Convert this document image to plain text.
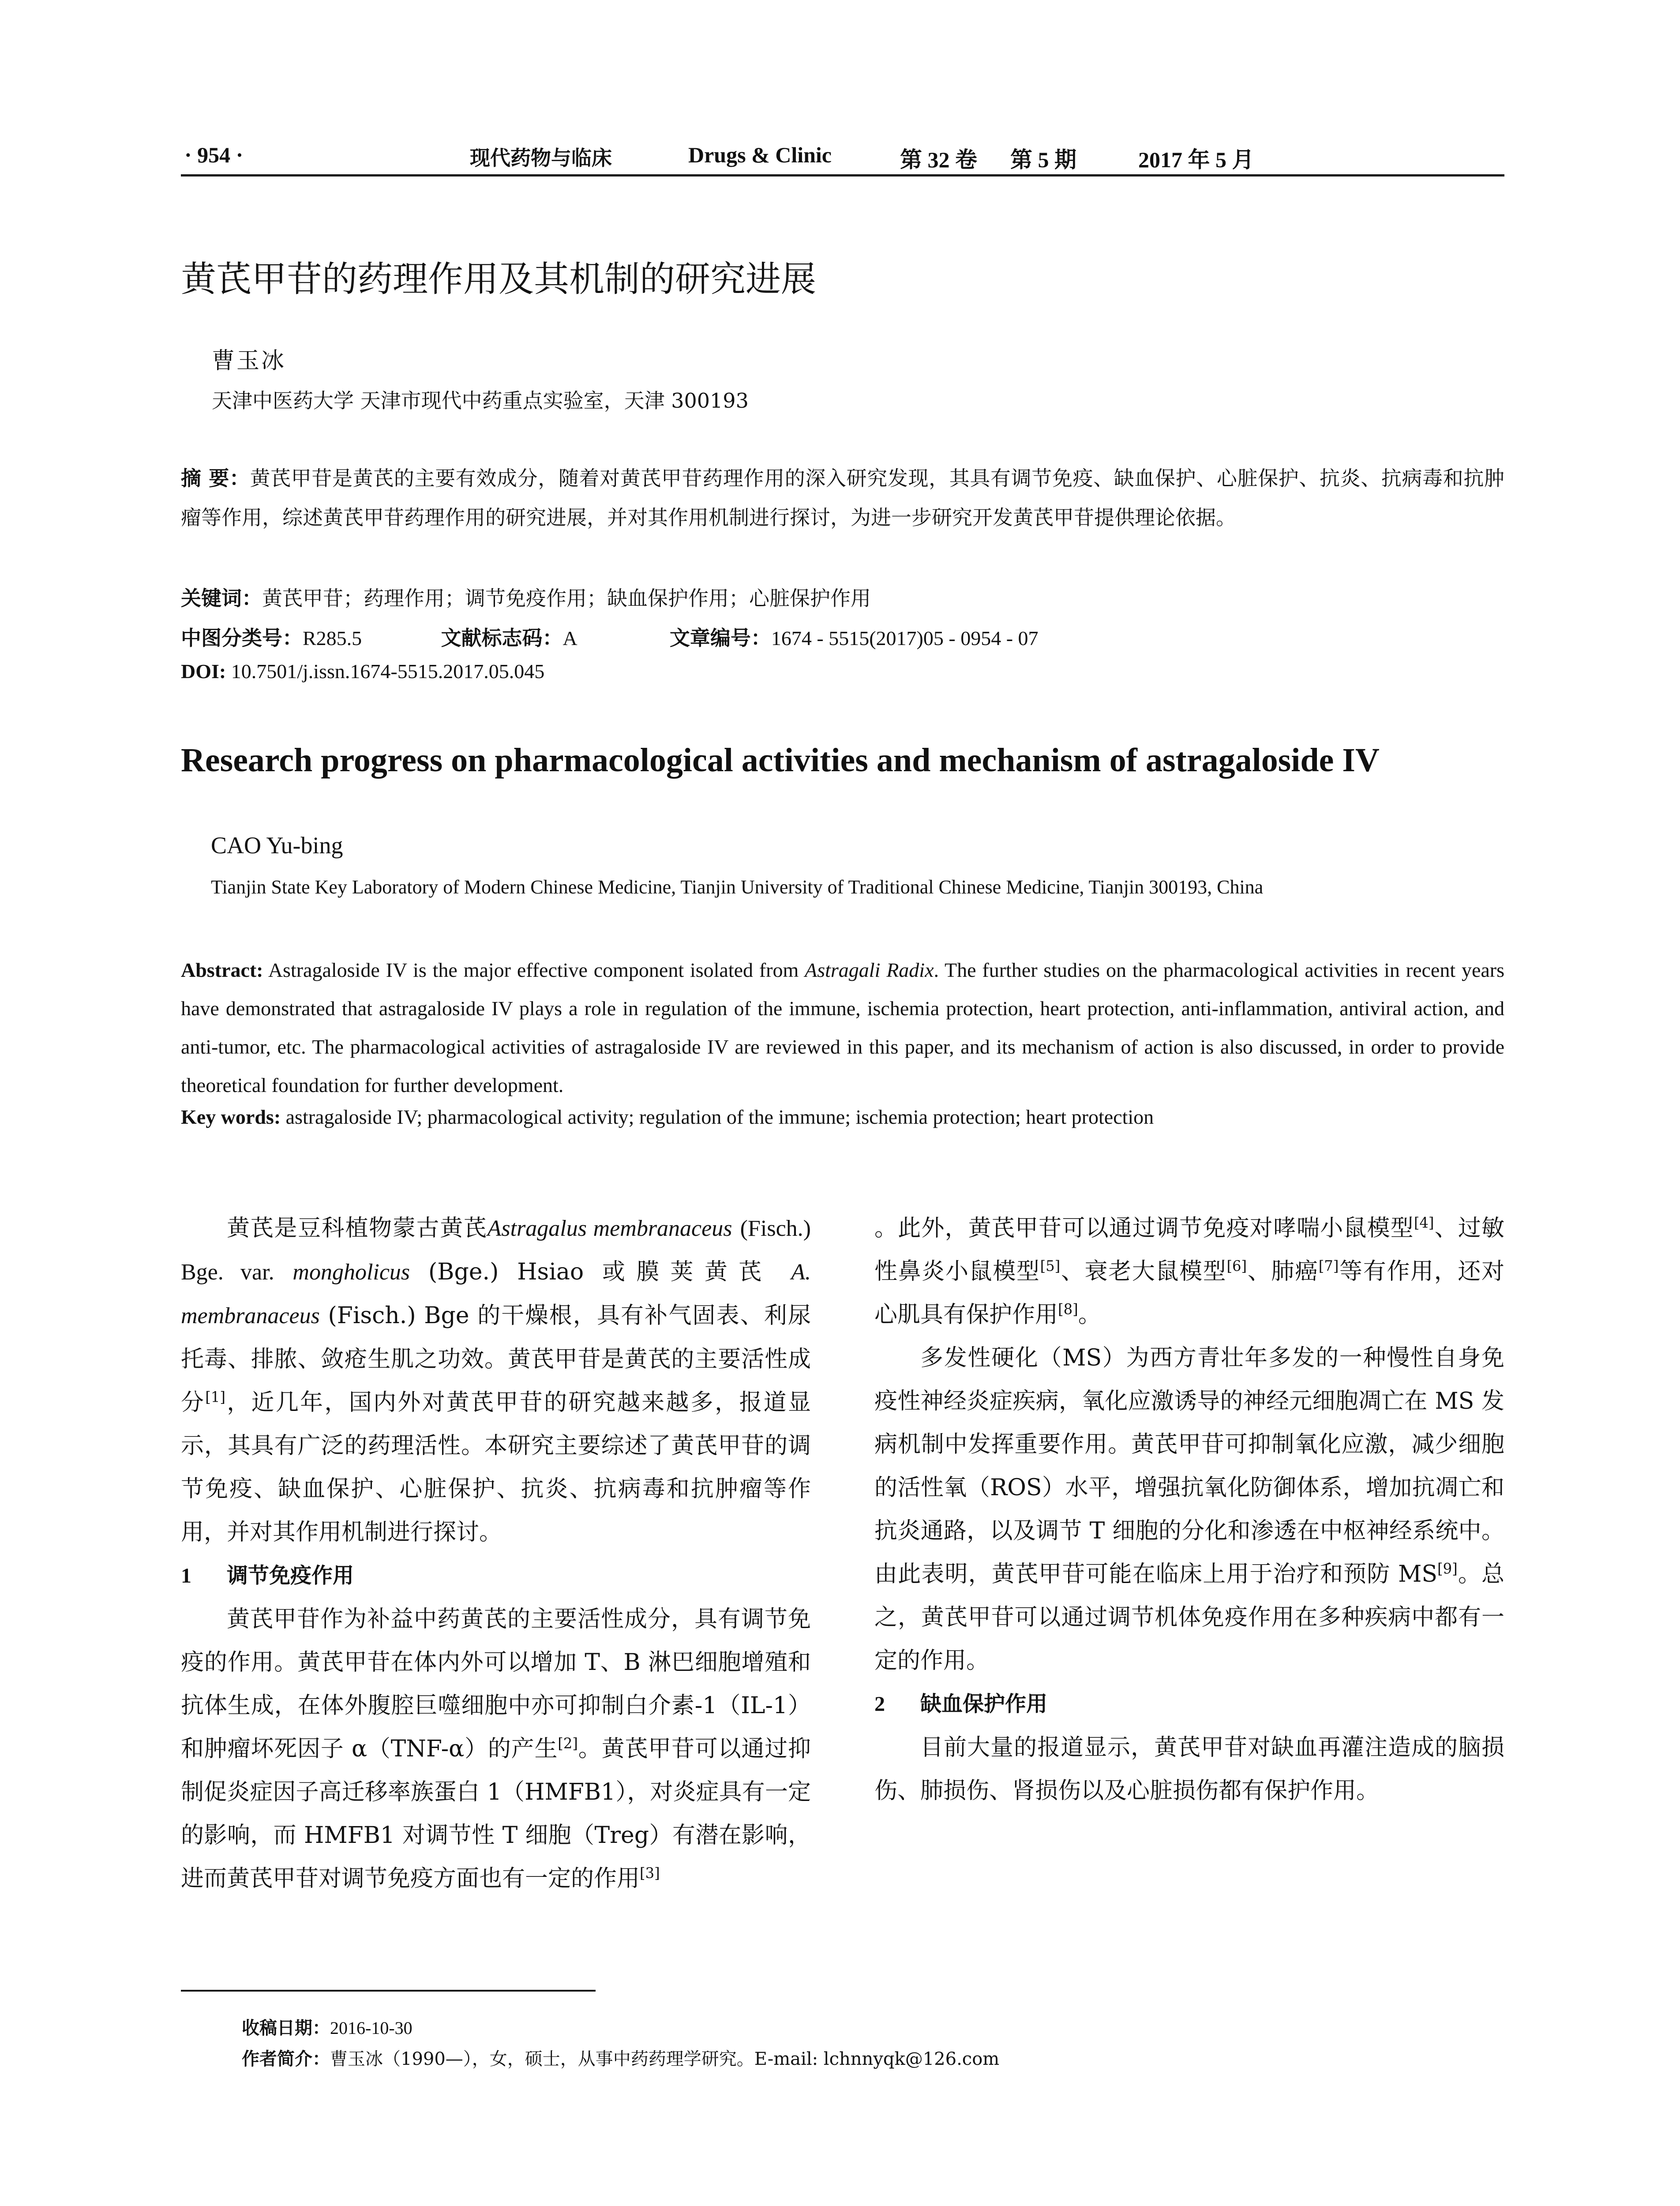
· 954 ·	现代药物与临床	Drugs & Clinic	第 32 卷 第 5 期	2017 年 5 月
黄芪甲苷的药理作用及其机制的研究进展
曹玉冰
天津中医药大学 天津市现代中药重点实验室，天津 300193
摘 要：黄芪甲苷是黄芪的主要有效成分，随着对黄芪甲苷药理作用的深入研究发现，其具有调节免疫、缺血保护、心脏保护、抗炎、抗病毒和抗肿瘤等作用，综述黄芪甲苷药理作用的研究进展，并对其作用机制进行探讨，为进一步研究开发黄芪甲苷提供理论依据。
关键词：黄芪甲苷；药理作用；调节免疫作用；缺血保护作用；心脏保护作用
中图分类号：R285.5	文献标志码：A	文章编号：1674 - 5515(2017)05 - 0954 - 07
DOI: 10.7501/j.issn.1674-5515.2017.05.045
Research progress on pharmacological activities and mechanism of astragaloside IV
CAO Yu-bing
Tianjin State Key Laboratory of Modern Chinese Medicine, Tianjin University of Traditional Chinese Medicine, Tianjin 300193, China
Abstract: Astragaloside IV is the major effective component isolated from Astragali Radix. The further studies on the pharmacological activities in recent years have demonstrated that astragaloside IV plays a role in regulation of the immune, ischemia protection, heart protection, anti-inflammation, antiviral action, and anti-tumor, etc. The pharmacological activities of astragaloside IV are reviewed in this paper, and its mechanism of action is also discussed, in order to provide theoretical foundation for further development.
Key words: astragaloside IV; pharmacological activity; regulation of the immune; ischemia protection; heart protection

黄芪是豆科植物蒙古黄芪Astragalus membranaceus (Fisch.) Bge. var. mongholicus (Bge.) Hsiao 或膜荚黄芪 A. membranaceus (Fisch.) Bge 的干燥根，具有补气固表、利尿托毒、排脓、敛疮生肌之功效。黄芪甲苷是黄芪的主要活性成分[1]，近几年，国内外对黄芪甲苷的研究越来越多，报道显示，其具有广泛的药理活性。本研究主要综述了黄芪甲苷的调节免疫、缺血保护、心脏保护、抗炎、抗病毒和抗肿瘤等作用，并对其作用机制进行探讨。

1 调节免疫作用

黄芪甲苷作为补益中药黄芪的主要活性成分，具有调节免疫的作用。黄芪甲苷在体内外可以增加 T、B 淋巴细胞增殖和抗体生成，在体外腹腔巨噬细胞中亦可抑制白介素-1（IL-1）和肿瘤坏死因子 α（TNF-α）的产生[2]。黄芪甲苷可以通过抑制促炎症因子高迁移率族蛋白 1（HMFB1），对炎症具有一定的影响，而 HMFB1 对调节性 T 细胞（Treg）有潜在影响，进而黄芪甲苷对调节免疫方面也有一定的作用[3]

。此外，黄芪甲苷可以通过调节免疫对哮喘小鼠模型[4]、过敏性鼻炎小鼠模型[5]、衰老大鼠模型[6]、肺癌[7]等有作用，还对心肌具有保护作用[8]。

多发性硬化（MS）为西方青壮年多发的一种慢性自身免疫性神经炎症疾病，氧化应激诱导的神经元细胞凋亡在 MS 发病机制中发挥重要作用。黄芪甲苷可抑制氧化应激，减少细胞的活性氧（ROS）水平，增强抗氧化防御体系，增加抗凋亡和抗炎通路，以及调节 T 细胞的分化和渗透在中枢神经系统中。由此表明，黄芪甲苷可能在临床上用于治疗和预防 MS[9]。总之，黄芪甲苷可以通过调节机体免疫作用在多种疾病中都有一定的作用。

2 缺血保护作用

目前大量的报道显示，黄芪甲苷对缺血再灌注造成的脑损伤、肺损伤、肾损伤以及心脏损伤都有保护作用。

收稿日期：2016-10-30
作者简介：曹玉冰（1990—），女，硕士，从事中药药理学研究。E-mail: lchnnyqk@126.com
